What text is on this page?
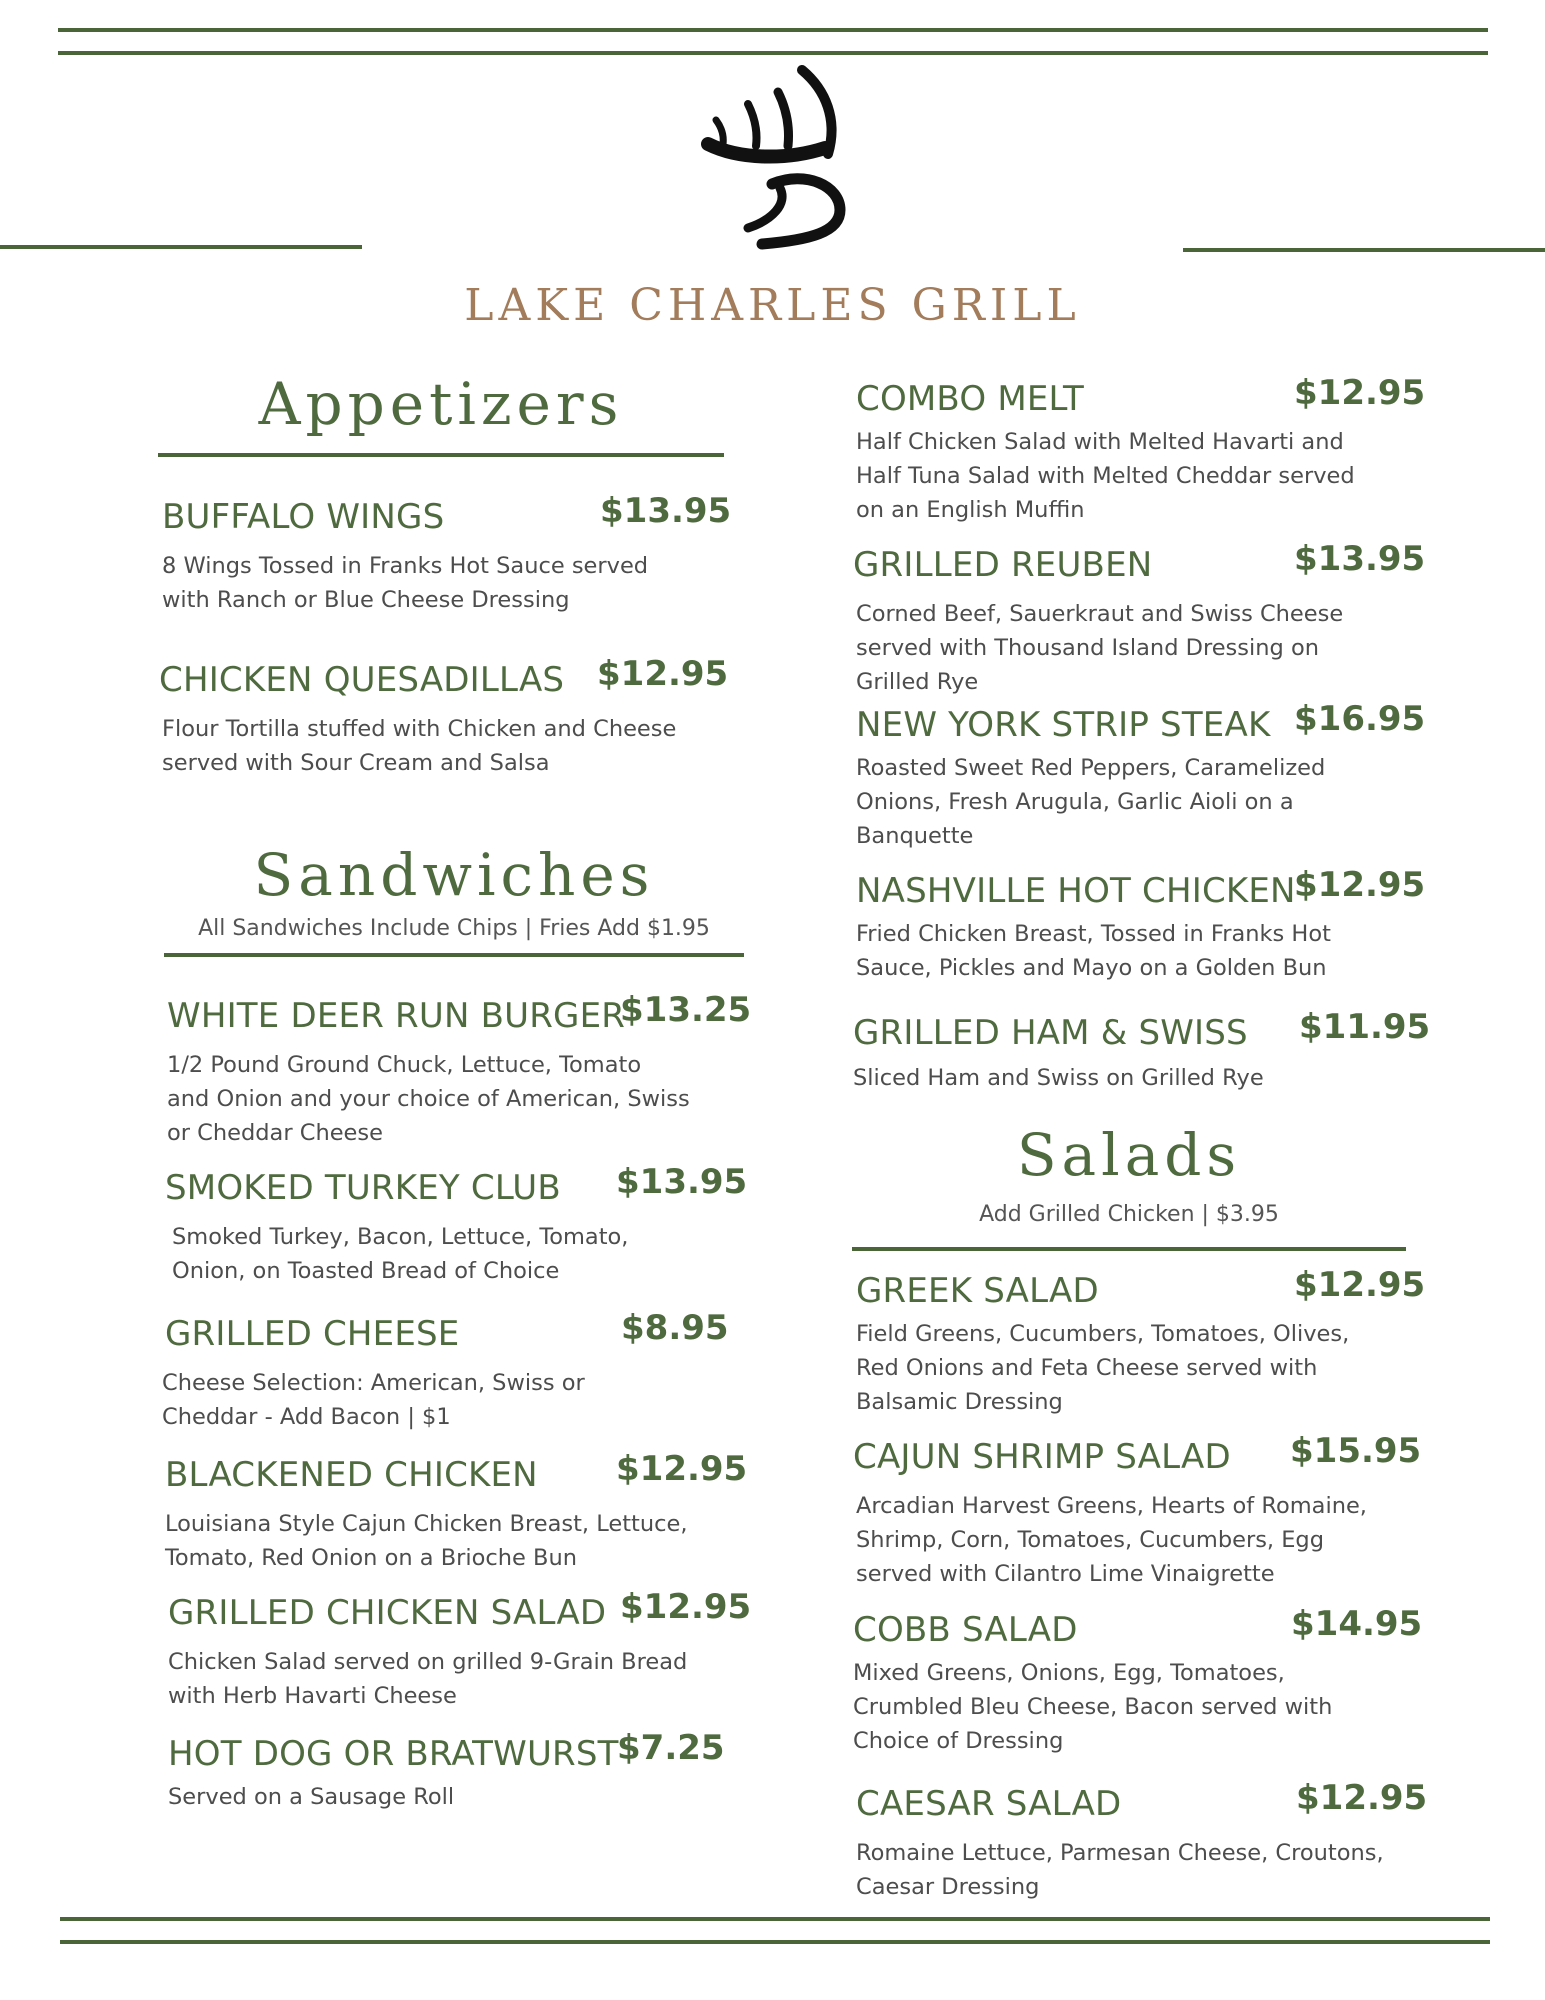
LAKE CHARLES GRILL
Appetizers
BUFFALO WINGS	$13.95
8 Wings Tossed in Franks Hot Sauce served
with Ranch or Blue Cheese Dressing
CHICKEN QUESADILLAS $12.95
Flour Tortilla stuffed with Chicken and Cheese
served with Sour Cream and Salsa
Sandwiches
All Sandwiches Include Chips | Fries Add $1.95
WHITE DEER RUN BURGER
$13.25
1/2 Pound Ground Chuck, Lettuce, Tomato
and Onion and your choice of American, Swiss
or Cheddar Cheese
SMOKED TURKEY CLUB $13.95
Smoked Turkey, Bacon, Lettuce, Tomato,
Onion, on Toasted Bread of Choice
GRILLED CHEESE	$8.95
Cheese Selection: American, Swiss or
Cheddar - Add Bacon | $1
BLACKENED CHICKEN $12.95
Louisiana Style Cajun Chicken Breast, Lettuce,
Tomato, Red Onion on a Brioche Bun
GRILLED CHICKEN SALAD $12.95
Chicken Salad served on grilled 9-Grain Bread
with Herb Havarti Cheese
HOT DOG OR BRATWURST
$7.25
Served on a Sausage Roll
COMBO MELT	$12.95
Half Chicken Salad with Melted Havarti and
Half Tuna Salad with Melted Cheddar served
on an English Muffin
GRILLED REUBEN	$13.95
Corned Beef, Sauerkraut and Swiss Cheese
served with Thousand Island Dressing on
Grilled Rye
NEW YORK STRIP STEAK $16.95
Roasted Sweet Red Peppers, Caramelized
Onions, Fresh Arugula, Garlic Aioli on a
Banquette
NASHVILLE HOT CHICKEN
$12.95
Fried Chicken Breast, Tossed in Franks Hot
Sauce, Pickles and Mayo on a Golden Bun
GRILLED HAM & SWISS $11.95
Sliced Ham and Swiss on Grilled Rye
Salads
Add Grilled Chicken | $3.95
GREEK SALAD	$12.95
Field Greens, Cucumbers, Tomatoes, Olives,
Red Onions and Feta Cheese served with
Balsamic Dressing
CAJUN SHRIMP SALAD $15.95
Arcadian Harvest Greens, Hearts of Romaine,
Shrimp, Corn, Tomatoes, Cucumbers, Egg
served with Cilantro Lime Vinaigrette
COBB SALAD	$14.95
Mixed Greens, Onions, Egg, Tomatoes,
Crumbled Bleu Cheese, Bacon served with
Choice of Dressing
CAESAR SALAD	$12.95
Romaine Lettuce, Parmesan Cheese, Croutons,
Caesar Dressing
